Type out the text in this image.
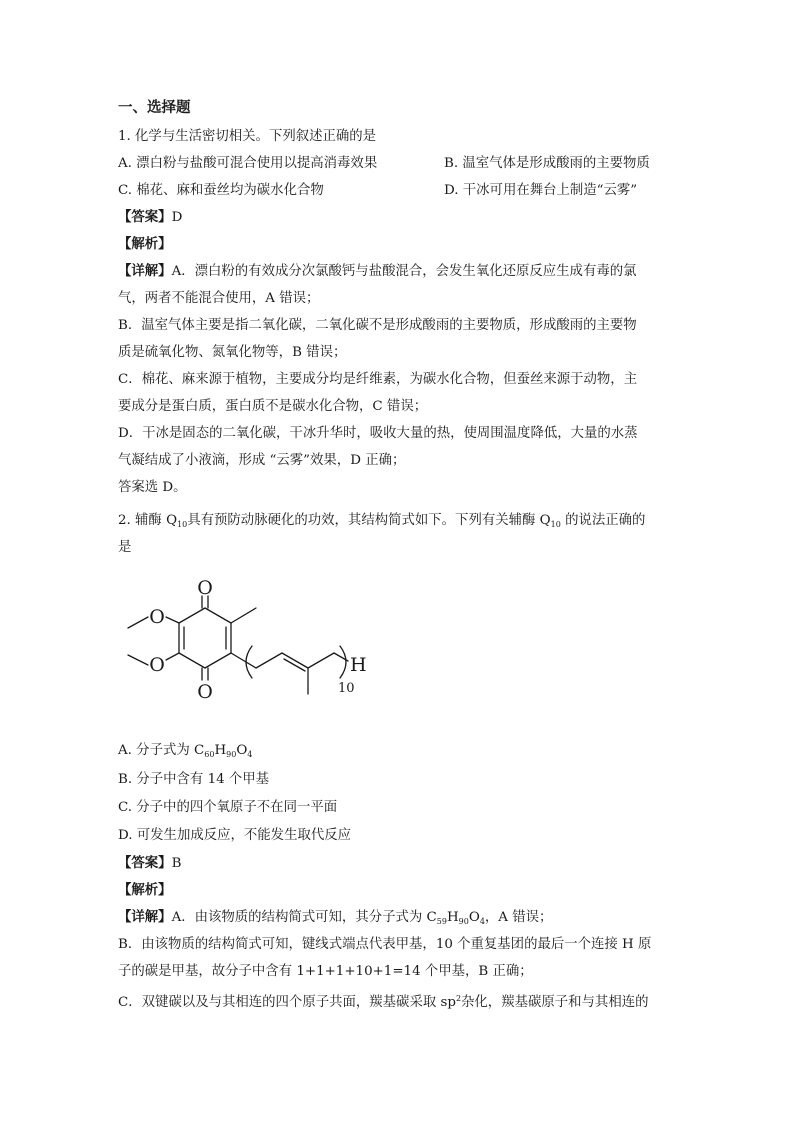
一、选择题
1. 化学与生活密切相关。下列叙述正确的是
A. 漂白粉与盐酸可混合使用以提高消毒效果	B. 温室气体是形成酸雨的主要物质
C. 棉花、麻和蚕丝均为碳水化合物	D. 干冰可用在舞台上制造“云雾”
【答案】D
【解析】
【详解】A．漂白粉的有效成分次氯酸钙与盐酸混合，会发生氧化还原反应生成有毒的氯
气，两者不能混合使用，A 错误；
B．温室气体主要是指二氧化碳，二氧化碳不是形成酸雨的主要物质，形成酸雨的主要物
质是硫氧化物、氮氧化物等，B 错误；
C．棉花、麻来源于植物，主要成分均是纤维素，为碳水化合物，但蚕丝来源于动物，主
要成分是蛋白质，蛋白质不是碳水化合物，C 错误；
D．干冰是固态的二氧化碳，干冰升华时，吸收大量的热，使周围温度降低，大量的水蒸
气凝结成了小液滴，形成 “云雾”效果，D 正确；
答案选 D。
2. 辅酶 $Q_{10}$具有预防动脉硬化的功效，其结构简式如下。下列有关辅酶 $Q_{10}$ 的说法正确的
是
O
O
O
O	H
10
A. 分子式为 $C_{60}H_{90}O_4$
B. 分子中含有 14 个甲基
C. 分子中的四个氧原子不在同一平面
D. 可发生加成反应，不能发生取代反应
【答案】B
【解析】
【详解】A．由该物质的结构简式可知，其分子式为 $C_{59}H_{90}O_4$，A 错误；
B．由该物质的结构简式可知，键线式端点代表甲基，10 个重复基团的最后一个连接 H 原
子的碳是甲基，故分子中含有 1+1+1+10+1=14 个甲基，B 正确；
C．双键碳以及与其相连的四个原子共面，羰基碳采取 $sp^2$杂化，羰基碳原子和与其相连的
